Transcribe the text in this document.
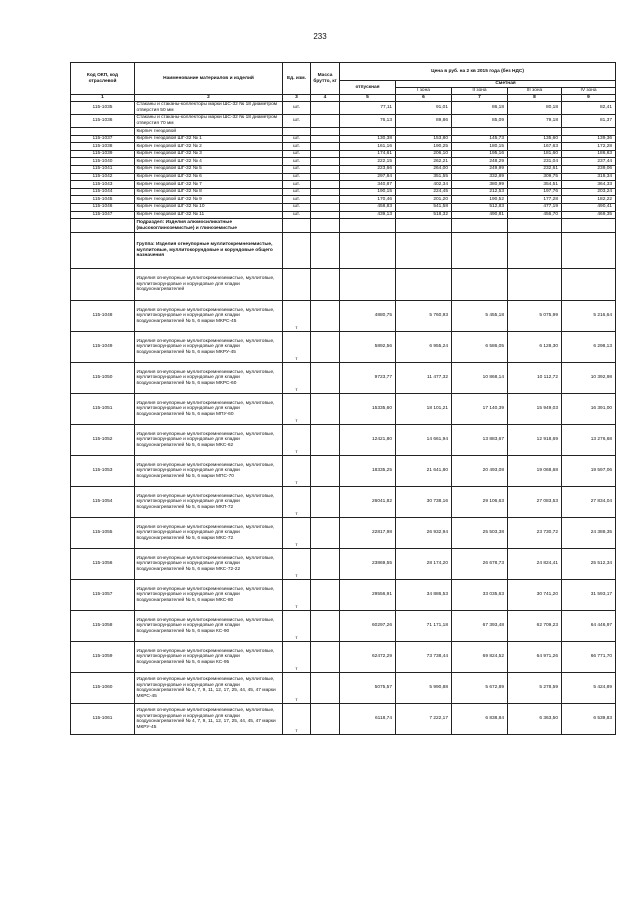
233
Код ОКП, код отраслевой	Наименование материалов и изделий	Ед. изм.	Масса брутто, кг	Цена в руб. на 2 кв 2015 года (без НДС)				
				отпускная	Сметная			
					I зона	II зона	III зона	IV зона
1	2	3	4	5	6	7	8	9
115-1035	Стаканы и стаканы-коллекторы марки ШС-32 № 18 диаметром отверстия 50 мм	шт.		77,11	91,01	86,18	80,18	82,41
115-1036	Стаканы и стаканы-коллекторы марки ШС-32 № 18 диаметром отверстия 70 мм	шт.		76,13	89,86	85,09	79,18	81,37
	Кирпич гнездовой							
115-1037	Кирпич гнездовой ШГ-32 № 1	шт.		130,38	153,80	145,73	135,60	139,36
115-1038	Кирпич гнездовой ШГ-32 № 2	шт.		161,16	190,25	180,15	167,63	172,28
115-1039	Кирпич гнездовой ШГ-32 № 3	шт.		174,61	206,10	195,16	181,60	186,63
115-1040	Кирпич гнездовой ШГ-32 № 4	шт.		222,15	262,21	248,29	231,04	237,44
115-1041	Кирпич гнездовой ШГ-32 № 5	шт.		223,66	264,00	249,99	232,61	239,06
115-1042	Кирпич гнездовой ШГ-32 № 6	шт.		297,84	351,55	332,89	309,75	318,34
115-1043	Кирпич гнездовой ШГ-32 № 7	шт.		340,87	402,34	380,99	354,51	364,33
115-1044	Кирпич гнездовой ШГ-32 № 8	шт.		190,15	224,45	212,53	197,76	203,24
115-1045	Кирпич гнездовой ШГ-32 № 9	шт.		170,46	201,20	190,52	177,28	182,22
115-1046	Кирпич гнездовой ШГ-32 № 10	шт.		458,83	541,58	512,83	477,19	490,41
115-1047	Кирпич гнездовой ШГ-32 № 11	шт.		439,13	518,32	490,81	456,70	469,35
	Подраздел: Изделия алюмосиликатные (высокоглиноземистые) и глиноземистые							
	Группа: Изделия огнеупорные муллитокремнеземистые, муллитовые, муллитокорундовые и корундовые общего назначения							
	Изделия огнеупорные муллитокремнеземистые, муллитовые, муллитокорундовые и корундовые для кладки воздухонагревателей							
115-1048	Изделия огнеупорные муллитокремнеземистые, муллитовые, муллитокорундовые и корундовые для кладки воздухонагревателей № 5, 6 марки МКРС-45	т		4880,75	5 760,93	5 455,18	5 075,99	5 216,64
115-1049	Изделия огнеупорные муллитокремнеземистые, муллитовые, муллитокорундовые и корундовые для кладки воздухонагревателей № 5, 6 марки МКРУ-45	т		5892,56	6 955,24	6 586,05	6 128,30	6 298,13
115-1050	Изделия огнеупорные муллитокремнеземистые, муллитовые, муллитокорундовые и корундовые для кладки воздухонагревателей № 5, 6 марки МКРС-60	т		9723,77	11 477,32	10 868,14	10 112,72	10 392,98
115-1051	Изделия огнеупорные муллитокремнеземистые, муллитовые, муллитокорундовые и корундовые для кладки воздухонагревателей № 5, 6 марки МПУ-60	т		15335,60	18 101,21	17 140,39	15 949,03	16 391,00
115-1052	Изделия огнеупорные муллитокремнеземистые, муллитовые, муллитокорундовые и корундовые для кладки воздухонагревателей № 5, 6 марки МКС-62	т		12421,80	14 661,94	13 883,67	12 918,69	13 276,68
115-1053	Изделия огнеупорные муллитокремнеземистые, муллитовые, муллитокорундовые и корундовые для кладки воздухонагревателей № 5, 6 марки МПС-70	т		18335,25	21 641,80	20 493,08	19 068,68	19 597,06
115-1054	Изделия огнеупорные муллитокремнеземистые, муллитовые, муллитокорундовые и корундовые для кладки воздухонагревателей № 5, 6 марки МКП-72	т		26041,82	30 738,16	29 106,63	27 083,53	27 834,04
115-1055	Изделия огнеупорные муллитокремнеземистые, муллитовые, муллитокорундовые и корундовые для кладки воздухонагревателей № 5, 6 марки МКС-72	т		22817,98	26 932,94	25 503,38	23 730,72	24 388,35
115-1056	Изделия огнеупорные муллитокремнеземистые, муллитовые, муллитокорундовые и корундовые для кладки воздухонагревателей № 5, 6 марки МКС-72-22	т		23869,55	28 174,20	26 678,73	24 824,41	25 512,34
115-1057	Изделия огнеупорные муллитокремнеземистые, муллитовые, муллитокорундовые и корундовые для кладки воздухонагревателей № 5, 6 марки МКС-80	т		29556,91	34 886,53	33 035,63	30 741,20	31 593,17
115-1058	Изделия огнеупорные муллитокремнеземистые, муллитовые, муллитокорундовые и корундовые для кладки воздухонагревателей № 5, 6 марки КС-90	т		60297,26	71 171,18	67 393,48	62 709,23	64 446,97
115-1059	Изделия огнеупорные муллитокремнеземистые, муллитовые, муллитокорундовые и корундовые для кладки воздухонагревателей № 5, 6 марки КС-95	т		62472,29	73 738,44	69 824,52	64 971,26	66 771,70
115-1060	Изделия огнеупорные муллитокремнеземистые, муллитовые, муллитокорундовые и корундовые для кладки воздухонагревателей № 4, 7, 9, 11, 12, 17, 25, 44, 45, 47 марки МКРС-45	т		5075,57	5 990,88	5 672,89	5 278,59	5 424,89
115-1061	Изделия огнеупорные муллитокремнеземистые, муллитовые, муллитокорундовые и корундовые для кладки воздухонагревателей № 4, 7, 9, 11, 12, 17, 25, 44, 45, 47 марки МКРУ-45	т		6118,74	7 222,17	6 838,84	6 363,50	6 539,83
